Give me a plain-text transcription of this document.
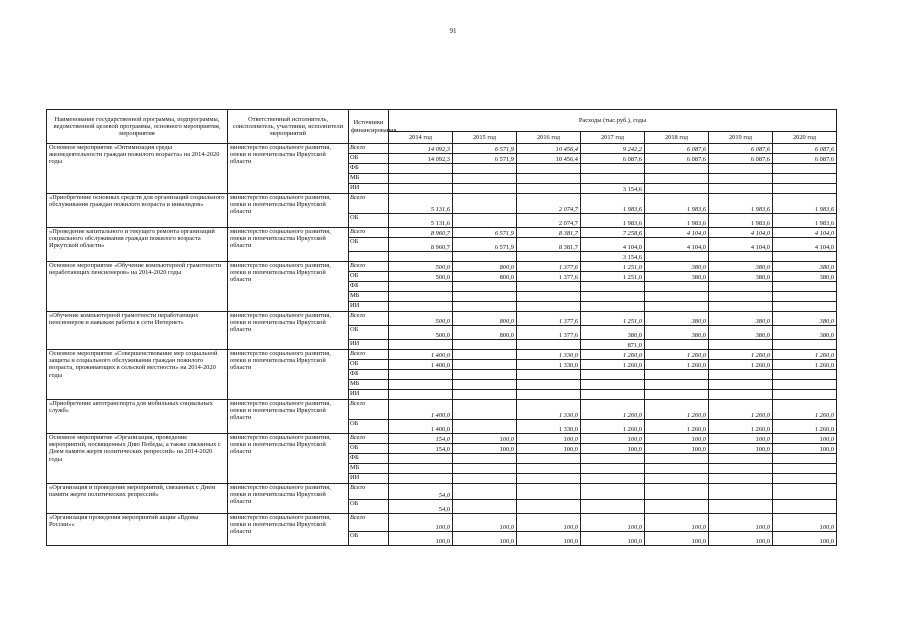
91
Наименование государственной программы, подпрограммы, ведомственной целевой программы, основного мероприятия, мероприятия	Ответственный исполнитель, соисполнитель, участники, исполнители мероприятий	Источники финансирования	Расходы (тыс.руб.), годы						
			2014 год	2015 год	2016 год	2017 год	2018 год	2019 год	2020 год
Основное мероприятие «Оптимизация среды жизнедеятельности граждан пожилого возраста» на 2014-2020 годы	министерство социального развития, опеки и попечительства Иркутской области	Всего	14 092,3	6 571,9	10 456,4	9 242,2	6 087,6	6 087,6	6 087,6
		ОБ	14 092,3	6 571,9	10 456,4	6 087,6	6 087,6	6 087,6	6 087,6
		ФБ							
		МБ							
		ИИ				3 154,6			
«Приобретение основных средств для организаций социального обслуживания граждан пожилого возраста и инвалидов»	министерство социального развития, опеки и попечительства Иркутской области	Всего	5 131,6		2 074,7	1 983,6	1 983,6	1 983,6	1 983,6
		ОБ	5 131,6		2 074,7	1 983,6	1 983,6	1 983,6	1 983,6
«Проведение капитального и текущего ремонта организаций социального обслуживания граждан пожилого возраста Иркутской области»	министерство социального развития, опеки и попечительства Иркутской области	Всего	8 960,7	6 571,9	8 381,7	7 258,6	4 104,0	4 104,0	4 104,0
		ОБ	8 960,7	6 571,9	8 381,7	4 104,0	4 104,0	4 104,0	4 104,0
						3 154,6			
Основное мероприятие «Обучение компьютерной грамотности неработающих пенсионеров» на 2014-2020 годы	министерство социального развития, опеки и попечительства Иркутской области	Всего	500,0	800,0	1 377,6	1 251,0	380,0	380,0	380,0
		ОБ	500,0	800,0	1 377,6	1 251,0	380,0	380,0	380,0
		ФБ							
		МБ							
		ИИ							
«Обучение компьютерной грамотности неработающих пенсионеров и навыкам работы в сети Интернет»	министерство социального развития, опеки и попечительства Иркутской области	Всего	500,0	800,0	1 377,6	1 251,0	380,0	380,0	380,0
		ОБ	500,0	800,0	1 377,6	380,0	380,0	380,0	380,0
		ИИ				871,0			
Основное мероприятие «Совершенствование мер социальной защиты и социального обслуживания граждан пожилого возраста, проживающих в сельской местности» на 2014-2020 годы	министерство социального развития, опеки и попечительства Иркутской области	Всего	1 400,0		1 330,0	1 260,0	1 260,0	1 260,0	1 260,0
		ОБ	1 400,0		1 330,0	1 260,0	1 260,0	1 260,0	1 260,0
		ФБ							
		МБ							
		ИИ							
«Приобретение автотранспорта для мобильных социальных служб»	министерство социального развития, опеки и попечительства Иркутской области	Всего	1 400,0		1 330,0	1 260,0	1 260,0	1 260,0	1 260,0
		ОБ	1 400,0		1 330,0	1 260,0	1 260,0	1 260,0	1 260,0
Основное мероприятие «Организация, проведение мероприятий, посвященных Дню Победы, а также связанных с Днем памяти жертв политических репрессий» на 2014-2020 годы	министерство социального развития, опеки и попечительства Иркутской области	Всего	154,0	100,0	100,0	100,0	100,0	100,0	100,0
		ОБ	154,0	100,0	100,0	100,0	100,0	100,0	100,0
		ФБ							
		МБ							
		ИИ							
«Организация и проведение мероприятий, связанных с Днем памяти жертв политических репрессий»	министерство социального развития, опеки и попечительства Иркутской области	Всего	54,0						
		ОБ	54,0						
«Организация проведения мероприятий акции «Вдовы России»»	министерство социального развития, опеки и попечительства Иркутской области	Всего	100,0	100,0	100,0	100,0	100,0	100,0	100,0
		ОБ	100,0	100,0	100,0	100,0	100,0	100,0	100,0
